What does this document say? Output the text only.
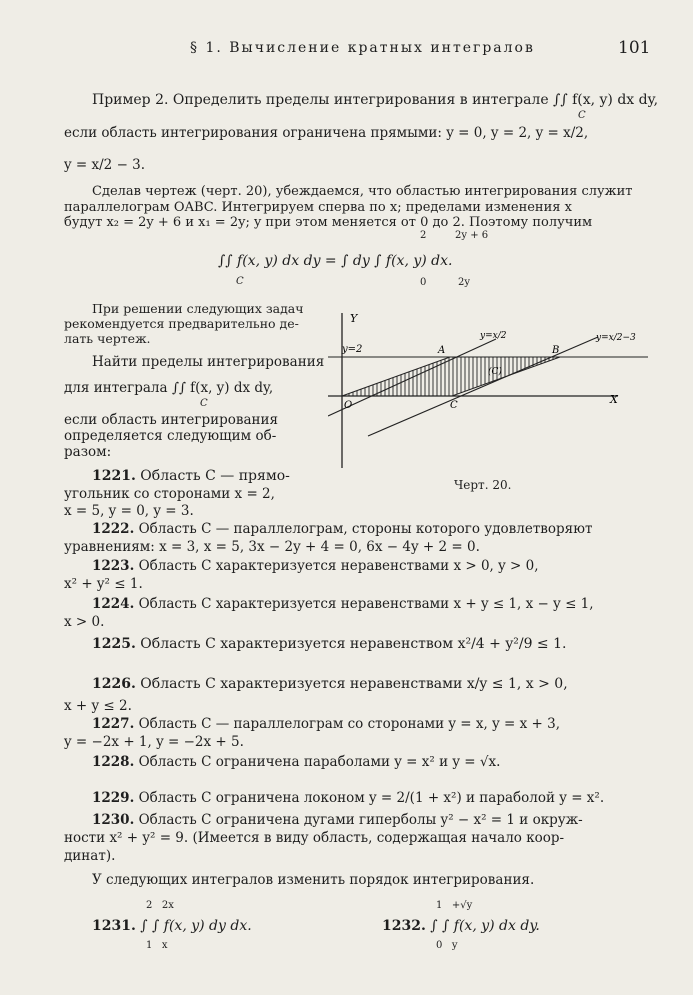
§ 1. Вычисление кратных интегралов	101
Пример 2. Определить пределы интегрирования в интеграле ∫∫ f(x, y) dx dy,
C
если область интегрирования ограничена прямыми: y = 0, y = 2, y = x/2,
y = x/2 − 3.
Сделав чертеж (черт. 20), убеждаемся, что областью интегрирования служит
параллелограм OABC. Интегрируем сперва по x; пределами изменения x
будут x₂ = 2y + 6 и x₁ = 2y; y при этом меняется от 0 до 2. Поэтому получим
2	2y + 6
∫∫ f(x, y) dx dy = ∫ dy ∫ f(x, y) dx.
C	0	2y
При решении следующих задач
рекомендуется предварительно де-
лать чертеж.
Найти пределы интегрирования
для интеграла ∫∫ f(x, y) dx dy,
C
если область интегрирования
определяется следующим об-
разом:
Y
X
O
y=2	A	B
C
(C)
y=x/2	y=x/2−3
Черт. 20.
1221. Область C — прямо-
угольник со сторонами x = 2,
x = 5, y = 0, y = 3.
1222. Область C — параллелограм, стороны которого удовлетворяют
уравнениям: x = 3, x = 5, 3x − 2y + 4 = 0, 6x − 4y + 2 = 0.
1223. Область C характеризуется неравенствами x > 0, y > 0,
x² + y² ≤ 1.
1224. Область C характеризуется неравенствами x + y ≤ 1, x − y ≤ 1,
x > 0.
1225. Область C характеризуется неравенством x²/4 + y²/9 ≤ 1.
1226. Область C характеризуется неравенствами x/y ≤ 1, x > 0,
x + y ≤ 2.
1227. Область C — параллелограм со сторонами y = x, y = x + 3,
y = −2x + 1, y = −2x + 5.
1228. Область C ограничена параболами y = x² и y = √x.
1229. Область C ограничена локоном y = 2/(1 + x²) и параболой y = x².
1230. Область C ограничена дугами гиперболы y² − x² = 1 и окруж-
ности x² + y² = 9. (Имеется в виду область, содержащая начало коор-
динат).
У следующих интегралов изменить порядок интегрирования.
2   2x
1231. ∫ ∫ f(x, y) dy dx.
1   x
1   +√y
1232. ∫ ∫ f(x, y) dx dy.
0   y
